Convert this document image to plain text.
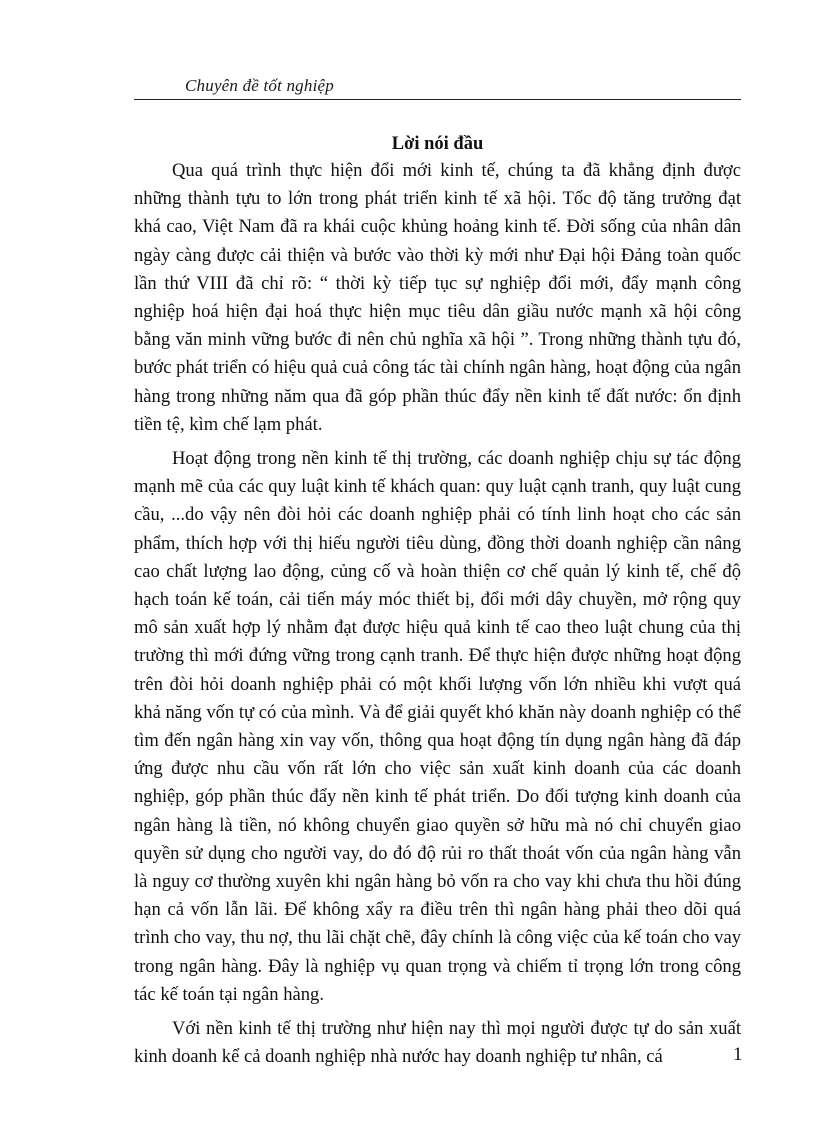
Chuyên đề tốt nghiệp
Lời nói đầu

Qua quá trình thực hiện đổi mới kinh tế, chúng ta đã khẳng định được những thành tựu to lớn trong phát triển kinh tế xã hội. Tốc độ tăng trưởng đạt khá cao, Việt Nam đã ra khái cuộc khủng hoảng kinh tế. Đời sống của nhân dân ngày càng được cải thiện và bước vào thời kỳ mới như Đại hội Đảng toàn quốc lần thứ VIII đã chỉ rõ: “ thời kỳ tiếp tục sự nghiệp đổi mới, đẩy mạnh công nghiệp hoá hiện đại hoá thực hiện mục tiêu dân giầu nước mạnh xã hội công bằng văn minh vững bước đi nên chủ nghĩa xã hội ”. Trong những thành tựu đó, bước phát triển có hiệu quả cuả công tác tài chính ngân hàng, hoạt động của ngân hàng trong những năm qua đã góp phần thúc đẩy nền kinh tế đất nước: ổn định tiền tệ, kìm chế lạm phát.

Hoạt động trong nền kinh tế thị trường, các doanh nghiệp chịu sự tác động mạnh mẽ của các quy luật kinh tế khách quan: quy luật cạnh tranh, quy luật cung cầu, ...do vậy nên đòi hỏi các doanh nghiệp phải có tính linh hoạt cho các sản phẩm, thích hợp với thị hiếu người tiêu dùng, đồng thời doanh nghiệp cần nâng cao chất lượng lao động, củng cố và hoàn thiện cơ chế quản lý kinh tế, chế độ hạch toán kế toán, cải tiến máy móc thiết bị, đổi mới dây chuyền, mở rộng quy mô sản xuất hợp lý nhằm đạt được hiệu quả kinh tế cao theo luật chung của thị trường thì mới đứng vững trong cạnh tranh. Để thực hiện được những hoạt động trên đòi hỏi doanh nghiệp phải có một khối lượng vốn lớn nhiều khi vượt quá khả năng vốn tự có của mình. Và để giải quyết khó khăn này doanh nghiệp có thể tìm đến ngân hàng xin vay vốn, thông qua hoạt động tín dụng ngân hàng đã đáp ứng được nhu cầu vốn rất lớn cho việc sản xuất kinh doanh của các doanh nghiệp, góp phần thúc đẩy nền kinh tế phát triển. Do đối tượng kinh doanh của ngân hàng là tiền, nó không chuyển giao quyền sở hữu mà nó chỉ chuyển giao quyền sử dụng cho người vay, do đó độ rủi ro thất thoát vốn của ngân hàng vẫn là nguy cơ thường xuyên khi ngân hàng bỏ vốn ra cho vay khi chưa thu hồi đúng hạn cả vốn lẫn lãi. Để không xẩy ra điều trên thì ngân hàng phải theo dõi quá trình cho vay, thu nợ, thu lãi chặt chẽ, đây chính là công việc của kế toán cho vay trong ngân hàng. Đây là nghiệp vụ quan trọng và chiếm tỉ trọng lớn trong công tác kế toán tại ngân hàng.

Với nền kinh tế thị trường như hiện nay thì mọi người được tự do sản xuất kinh doanh kể cả doanh nghiệp nhà nước hay doanh nghiệp tư nhân, cá	1
